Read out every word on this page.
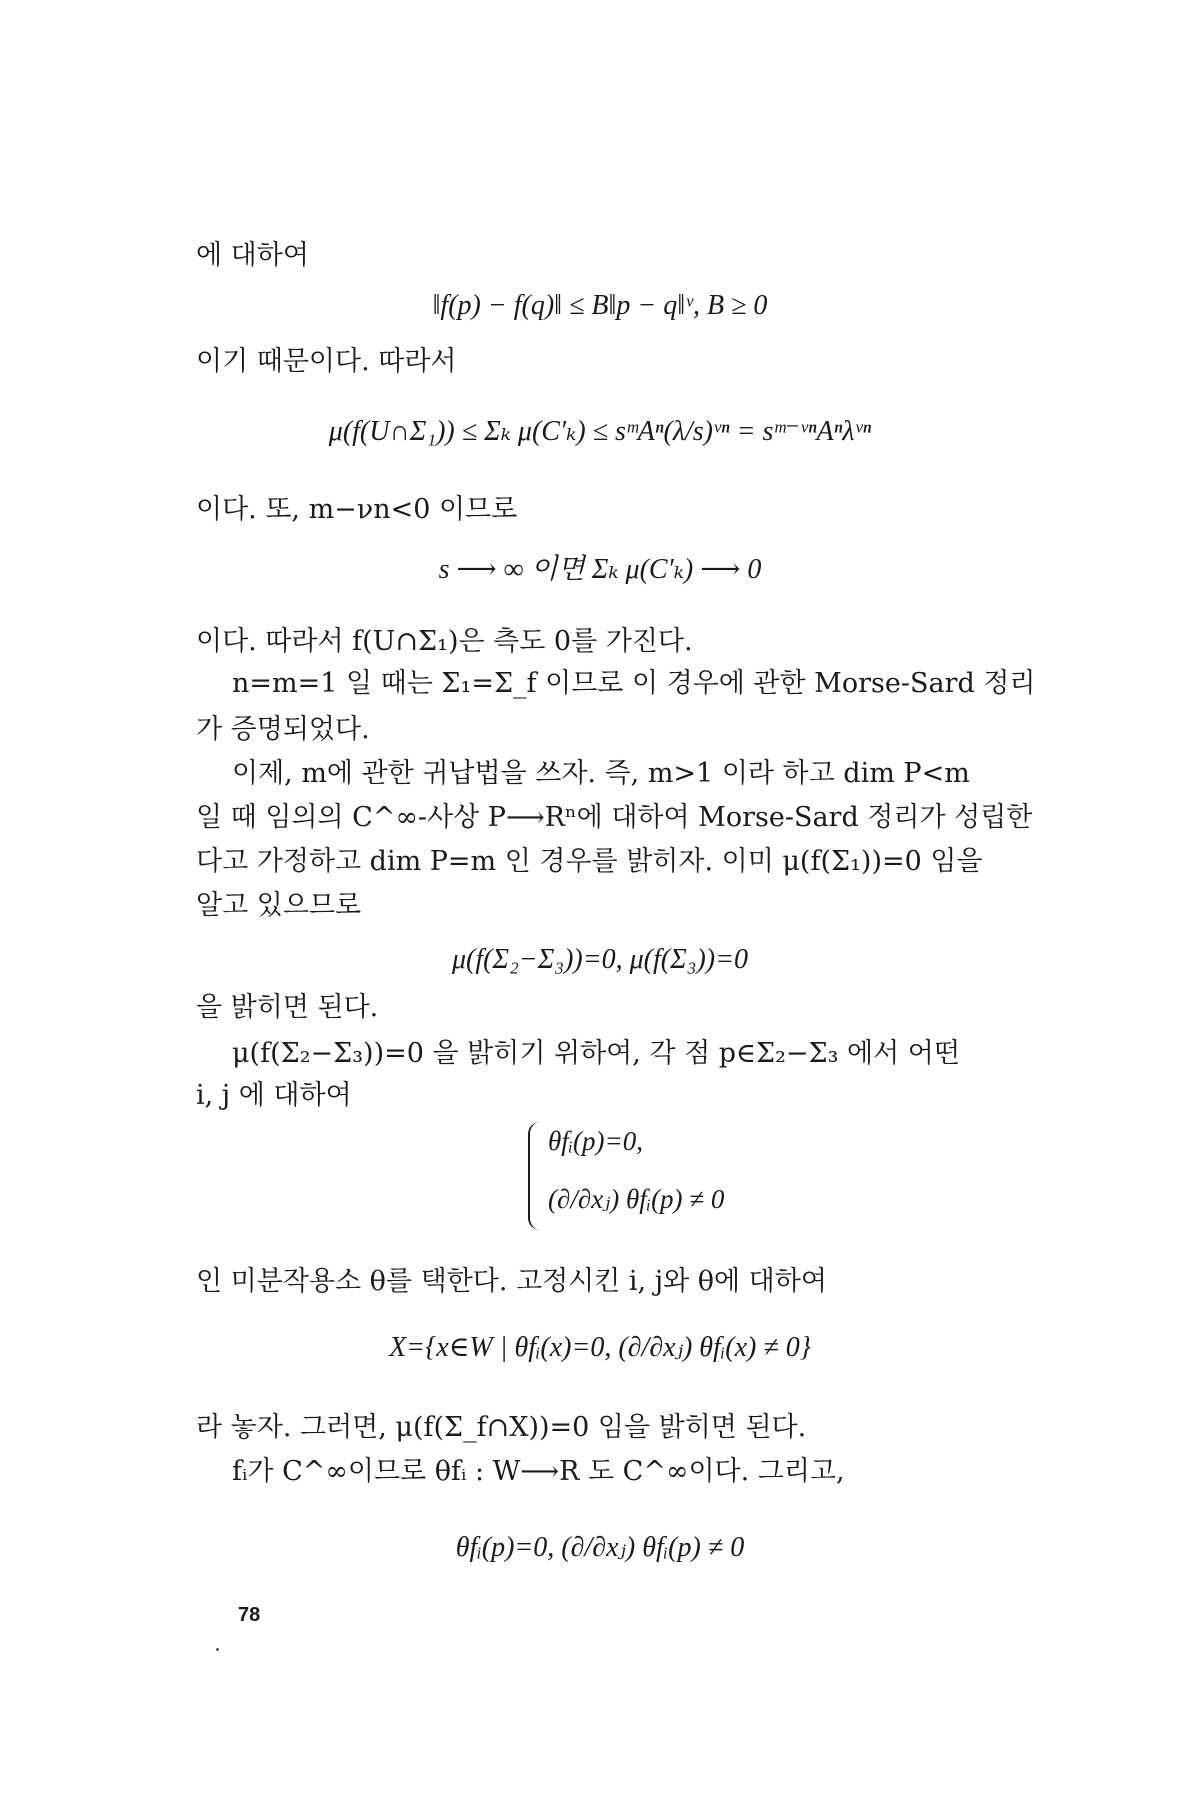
에 대하여
‖f(p) − f(q)‖ ≤ B‖p − q‖ᵛ, B ≥ 0
이기 때문이다. 따라서
μ(f(U∩Σ₁)) ≤ Σₖ μ(C′ₖ) ≤ sᵐAⁿ(λ/s)ᵛⁿ = sᵐ⁻ᵛⁿAⁿλᵛⁿ
이다. 또, m−νn<0 이므로
s ⟶ ∞ 이면 Σₖ μ(C′ₖ) ⟶ 0
이다. 따라서 f(U∩Σ₁)은 측도 0를 가진다.
n=m=1 일 때는 Σ₁=Σ_f 이므로 이 경우에 관한 Morse-Sard 정리
가 증명되었다.
이제, m에 관한 귀납법을 쓰자. 즉, m>1 이라 하고 dim P<m
일 때 임의의 C^∞-사상 P⟶Rⁿ에 대하여 Morse-Sard 정리가 성립한
다고 가정하고 dim P=m 인 경우를 밝히자. 이미 μ(f(Σ₁))=0 임을
알고 있으므로
μ(f(Σ₂−Σ₃))=0, μ(f(Σ₃))=0
을 밝히면 된다.
μ(f(Σ₂−Σ₃))=0 을 밝히기 위하여, 각 점 p∈Σ₂−Σ₃ 에서 어떤
i, j 에 대하여
θfᵢ(p)=0,
(∂/∂xⱼ) θfᵢ(p) ≠ 0
인 미분작용소 θ를 택한다. 고정시킨 i, j와 θ에 대하여
X={x∈W | θfᵢ(x)=0, (∂/∂xⱼ) θfᵢ(x) ≠ 0}
라 놓자. 그러면, μ(f(Σ_f∩X))=0 임을 밝히면 된다.
fᵢ가 C^∞이므로 θfᵢ : W⟶R 도 C^∞이다. 그리고,
θfᵢ(p)=0, (∂/∂xⱼ) θfᵢ(p) ≠ 0
78
